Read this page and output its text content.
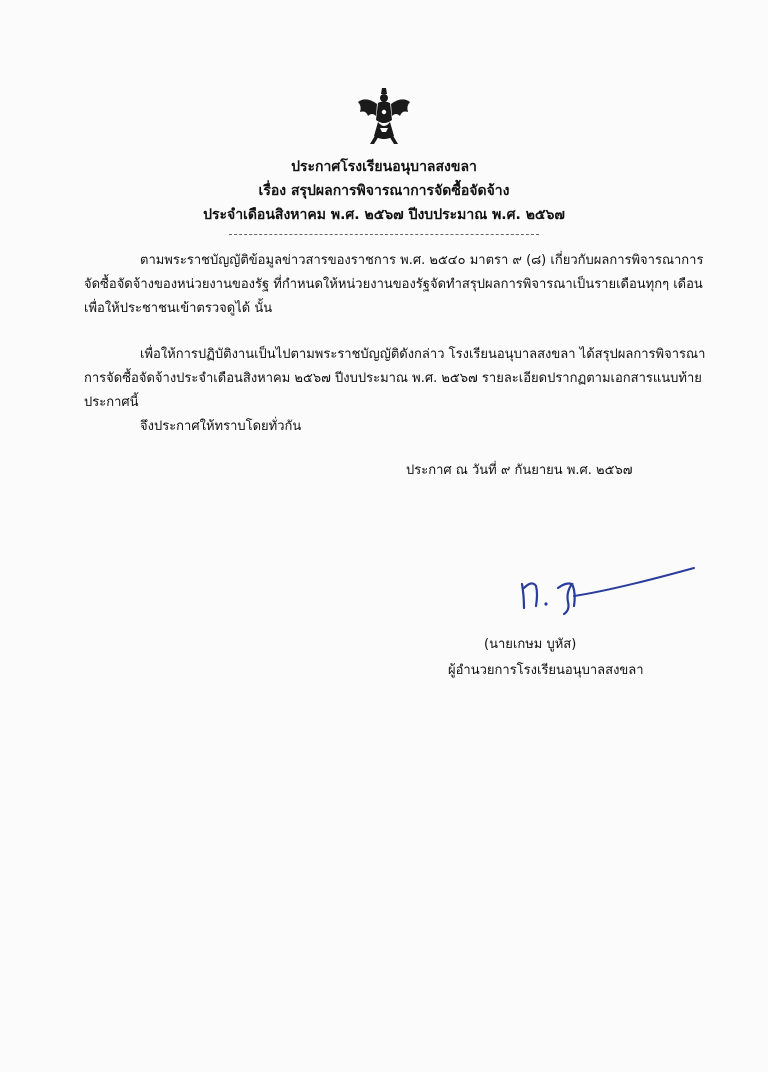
ประกาศโรงเรียนอนุบาลสงขลา
เรื่อง สรุปผลการพิจารณาการจัดซื้อจัดจ้าง
ประจำเดือนสิงหาคม พ.ศ. ๒๕๖๗ ปีงบประมาณ พ.ศ. ๒๕๖๗
ตามพระราชบัญญัติข้อมูลข่าวสารของราชการ พ.ศ. ๒๕๔๐ มาตรา ๙ (๘) เกี่ยวกับผลการพิจารณาการ
จัดซื้อจัดจ้างของหน่วยงานของรัฐ ที่กำหนดให้หน่วยงานของรัฐจัดทำสรุปผลการพิจารณาเป็นรายเดือนทุกๆ เดือน
เพื่อให้ประชาชนเข้าตรวจดูได้ นั้น
เพื่อให้การปฏิบัติงานเป็นไปตามพระราชบัญญัติดังกล่าว โรงเรียนอนุบาลสงขลา ได้สรุปผลการพิจารณา
การจัดซื้อจัดจ้างประจำเดือนสิงหาคม ๒๕๖๗ ปีงบประมาณ พ.ศ. ๒๕๖๗ รายละเอียดปรากฏตามเอกสารแนบท้าย
ประกาศนี้
จึงประกาศให้ทราบโดยทั่วกัน
ประกาศ ณ วันที่ ๙ กันยายน พ.ศ. ๒๕๖๗
(นายเกษม บูหัส)
ผู้อำนวยการโรงเรียนอนุบาลสงขลา
